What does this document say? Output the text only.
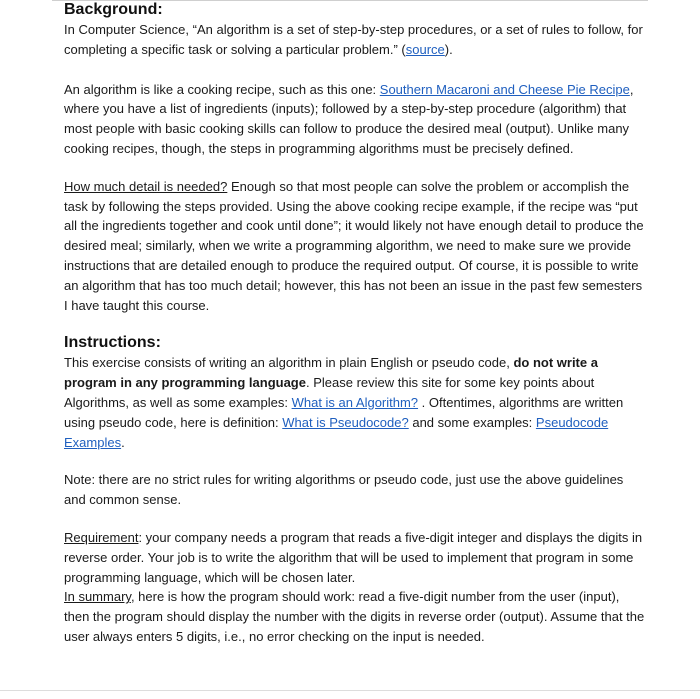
Background:

In Computer Science, “An algorithm is a set of step-by-step procedures, or a set of rules to follow, for completing a specific task or solving a particular problem.” (source).

An algorithm is like a cooking recipe, such as this one: Southern Macaroni and Cheese Pie Recipe, where you have a list of ingredients (inputs); followed by a step-by-step procedure (algorithm) that most people with basic cooking skills can follow to produce the desired meal (output). Unlike many cooking recipes, though, the steps in programming algorithms must be precisely defined.

How much detail is needed? Enough so that most people can solve the problem or accomplish the task by following the steps provided. Using the above cooking recipe example, if the recipe was “put all the ingredients together and cook until done”; it would likely not have enough detail to produce the desired meal; similarly, when we write a programming algorithm, we need to make sure we provide instructions that are detailed enough to produce the required output. Of course, it is possible to write an algorithm that has too much detail; however, this has not been an issue in the past few semesters I have taught this course.

Instructions:

This exercise consists of writing an algorithm in plain English or pseudo code, do not write a program in any programming language. Please review this site for some key points about Algorithms, as well as some examples: What is an Algorithm? . Oftentimes, algorithms are written using pseudo code, here is definition: What is Pseudocode? and some examples: Pseudocode Examples.

Note: there are no strict rules for writing algorithms or pseudo code, just use the above guidelines and common sense.

Requirement: your company needs a program that reads a five-digit integer and displays the digits in reverse order. Your job is to write the algorithm that will be used to implement that program in some programming language, which will be chosen later.

In summary, here is how the program should work: read a five-digit number from the user (input), then the program should display the number with the digits in reverse order (output). Assume that the user always enters 5 digits, i.e., no error checking on the input is needed.
